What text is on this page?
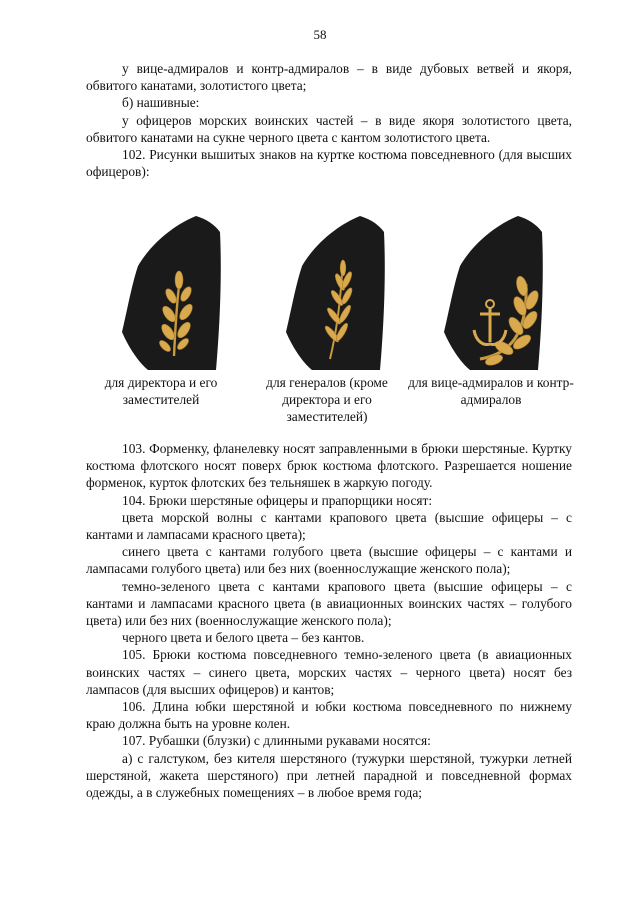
58

у вице-адмиралов и контр-адмиралов – в виде дубовых ветвей и якоря, обвитого канатами, золотистого цвета;

б) нашивные:

у офицеров морских воинских частей – в виде якоря золотистого цвета, обвитого канатами на сукне черного цвета с кантом золотистого цвета.

102. Рисунки вышитых знаков на куртке костюма повседневного (для высших офицеров):

для директора и его заместителей
для генералов (кроме директора и его заместителей)
для вице-адмиралов и контр-адмиралов

103. Форменку, фланелевку носят заправленными в брюки шерстяные. Куртку костюма флотского носят поверх брюк костюма флотского. Разрешается ношение форменок, курток флотских без тельняшек в жаркую погоду.

104. Брюки шерстяные офицеры и прапорщики носят:

цвета морской волны с кантами крапового цвета (высшие офицеры – с кантами и лампасами красного цвета);

синего цвета с кантами голубого цвета (высшие офицеры – с кантами и лампасами голубого цвета) или без них (военнослужащие женского пола);

темно-зеленого цвета с кантами крапового цвета (высшие офицеры – с кантами и лампасами красного цвета (в авиационных воинских частях – голубого цвета) или без них (военнослужащие женского пола);

черного цвета и белого цвета – без кантов.

105. Брюки костюма повседневного темно-зеленого цвета (в авиационных воинских частях – синего цвета, морских частях – черного цвета) носят без лампасов (для высших офицеров) и кантов;

106. Длина юбки шерстяной и юбки костюма повседневного по нижнему краю должна быть на уровне колен.

107. Рубашки (блузки) с длинными рукавами носятся:

а) с галстуком, без кителя шерстяного (тужурки шерстяной, тужурки летней шерстяной, жакета шерстяного) при летней парадной и повседневной формах одежды, а в служебных помещениях – в любое время года;
